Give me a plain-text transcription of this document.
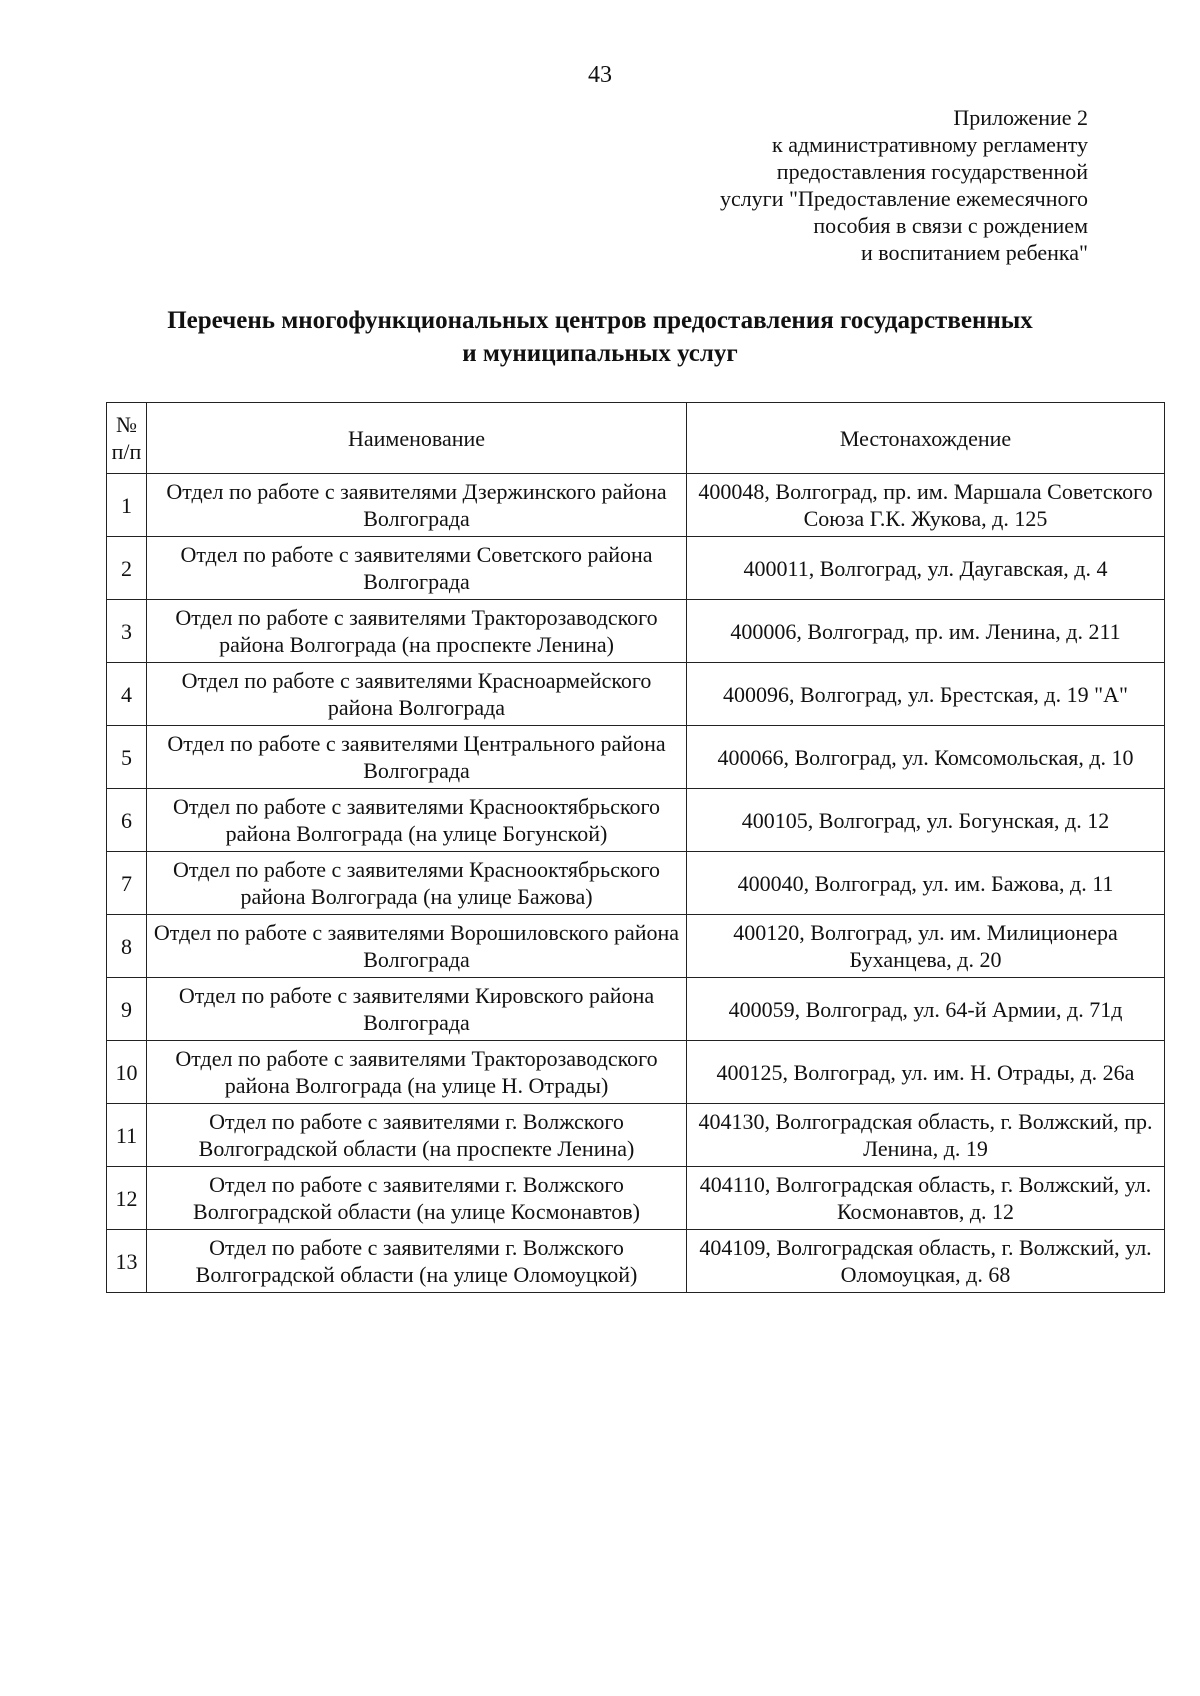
43
Приложение 2
к административному регламенту
предоставления государственной
услуги "Предоставление ежемесячного
пособия в связи с рождением
и воспитанием ребенка"
Перечень многофункциональных центров предоставления государственных
и муниципальных услуг
№ п/п	Наименование	Местонахождение
1	Отдел по работе с заявителями Дзержинского района Волгограда	400048, Волгоград, пр. им. Маршала Советского Союза Г.К. Жукова, д. 125
2	Отдел по работе с заявителями Советского района Волгограда	400011, Волгоград, ул. Даугавская, д. 4
3	Отдел по работе с заявителями Тракторозаводского района Волгограда (на проспекте Ленина)	400006, Волгоград, пр. им. Ленина, д. 211
4	Отдел по работе с заявителями Красноармейского района Волгограда	400096, Волгоград, ул. Брестская, д. 19 "А"
5	Отдел по работе с заявителями Центрального района Волгограда	400066, Волгоград, ул. Комсомольская, д. 10
6	Отдел по работе с заявителями Краснооктябрьского района Волгограда (на улице Богунской)	400105, Волгоград, ул. Богунская, д. 12
7	Отдел по работе с заявителями Краснооктябрьского района Волгограда (на улице Бажова)	400040, Волгоград, ул. им. Бажова, д. 11
8	Отдел по работе с заявителями Ворошиловского района Волгограда	400120, Волгоград, ул. им. Милиционера Буханцева, д. 20
9	Отдел по работе с заявителями Кировского района Волгограда	400059, Волгоград, ул. 64-й Армии, д. 71д
10	Отдел по работе с заявителями Тракторозаводского района Волгограда (на улице Н. Отрады)	400125, Волгоград, ул. им. Н. Отрады, д. 26а
11	Отдел по работе с заявителями г. Волжского Волгоградской области (на проспекте Ленина)	404130, Волгоградская область, г. Волжский, пр. Ленина, д. 19
12	Отдел по работе с заявителями г. Волжского Волгоградской области (на улице Космонавтов)	404110, Волгоградская область, г. Волжский, ул. Космонавтов, д. 12
13	Отдел по работе с заявителями г. Волжского Волгоградской области (на улице Оломоуцкой)	404109, Волгоградская область, г. Волжский, ул. Оломоуцкая, д. 68
